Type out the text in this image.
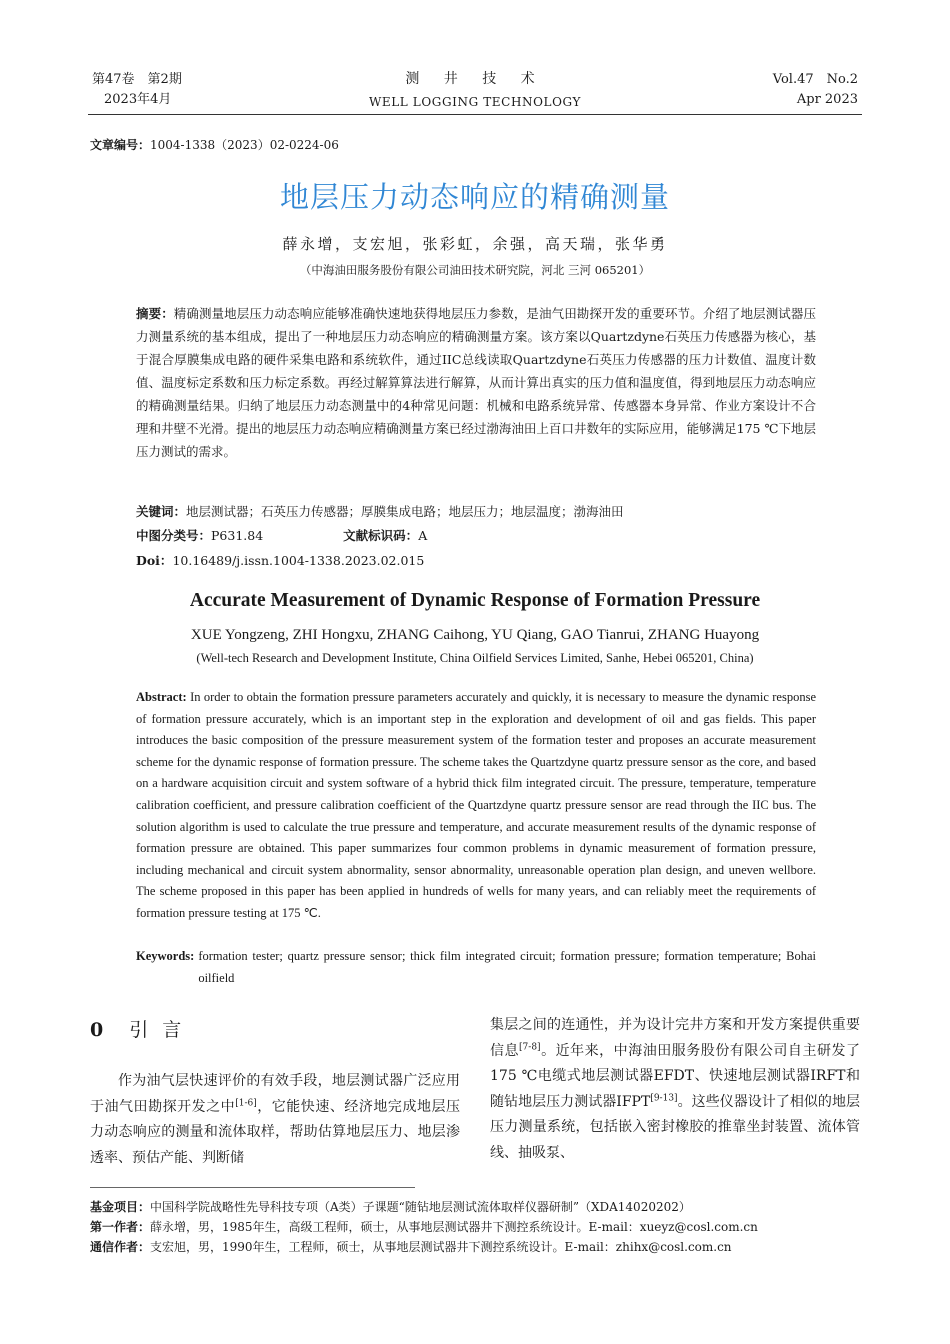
第47卷　第2期
2023年4月
测 井 技 术
WELL LOGGING TECHNOLOGY
Vol.47　No.2
Apr 2023
文章编号：1004-1338（2023）02-0224-06
地层压力动态响应的精确测量
薛永增，支宏旭，张彩虹，余强，高天瑞，张华勇
（中海油田服务股份有限公司油田技术研究院，河北 三河 065201）
摘要：精确测量地层压力动态响应能够准确快速地获得地层压力参数，是油气田勘探开发的重要环节。介绍了地层测试器压力测量系统的基本组成，提出了一种地层压力动态响应的精确测量方案。该方案以Quartzdyne石英压力传感器为核心，基于混合厚膜集成电路的硬件采集电路和系统软件，通过IIC总线读取Quartzdyne石英压力传感器的压力计数值、温度计数值、温度标定系数和压力标定系数。再经过解算算法进行解算，从而计算出真实的压力值和温度值，得到地层压力动态响应的精确测量结果。归纳了地层压力动态测量中的4种常见问题：机械和电路系统异常、传感器本身异常、作业方案设计不合理和井壁不光滑。提出的地层压力动态响应精确测量方案已经过渤海油田上百口井数年的实际应用，能够满足175 ℃下地层压力测试的需求。
关键词：地层测试器；石英压力传感器；厚膜集成电路；地层压力；地层温度；渤海油田
中图分类号：P631.84	文献标识码：A
Doi：10.16489/j.issn.1004-1338.2023.02.015
Accurate Measurement of Dynamic Response of Formation Pressure
XUE Yongzeng, ZHI Hongxu, ZHANG Caihong, YU Qiang, GAO Tianrui, ZHANG Huayong
(Well-tech Research and Development Institute, China Oilfield Services Limited, Sanhe, Hebei 065201, China)
Abstract: In order to obtain the formation pressure parameters accurately and quickly, it is necessary to measure the dynamic response of formation pressure accurately, which is an important step in the exploration and development of oil and gas fields. This paper introduces the basic composition of the pressure measurement system of the formation tester and proposes an accurate measurement scheme for the dynamic response of formation pressure. The scheme takes the Quartzdyne quartz pressure sensor as the core, and based on a hardware acquisition circuit and system software of a hybrid thick film integrated circuit. The pressure, temperature, temperature calibration coefficient, and pressure calibration coefficient of the Quartzdyne quartz pressure sensor are read through the IIC bus. The solution algorithm is used to calculate the true pressure and temperature, and accurate measurement results of the dynamic response of formation pressure are obtained. This paper summarizes four common problems in dynamic measurement of formation pressure, including mechanical and circuit system abnormality, sensor abnormality, unreasonable operation plan design, and uneven wellbore. The scheme proposed in this paper has been applied in hundreds of wells for many years, and can reliably meet the requirements of formation pressure testing at 175 ℃.
Keywords: formation tester; quartz pressure sensor; thick film integrated circuit; formation pressure; formation temperature; Bohai oilfield
0 引言
作为油气层快速评价的有效手段，地层测试器广泛应用于油气田勘探开发之中[1-6]，它能快速、经济地完成地层压力动态响应的测量和流体取样，帮助估算地层压力、地层渗透率、预估产能、判断储
集层之间的连通性，并为设计完井方案和开发方案提供重要信息[7-8]。近年来，中海油田服务股份有限公司自主研发了175 ℃电缆式地层测试器EFDT、快速地层测试器IRFT和随钻地层压力测试器IFPT[9-13]。这些仪器设计了相似的地层压力测量系统，包括嵌入密封橡胶的推靠坐封装置、流体管线、抽吸泵、
基金项目：中国科学院战略性先导科技专项（A类）子课题“随钻地层测试流体取样仪器研制”（XDA14020202）
第一作者：薛永增，男，1985年生，高级工程师，硕士，从事地层测试器井下测控系统设计。E-mail：xueyz@cosl.com.cn
通信作者：支宏旭，男，1990年生，工程师，硕士，从事地层测试器井下测控系统设计。E-mail：zhihx@cosl.com.cn
